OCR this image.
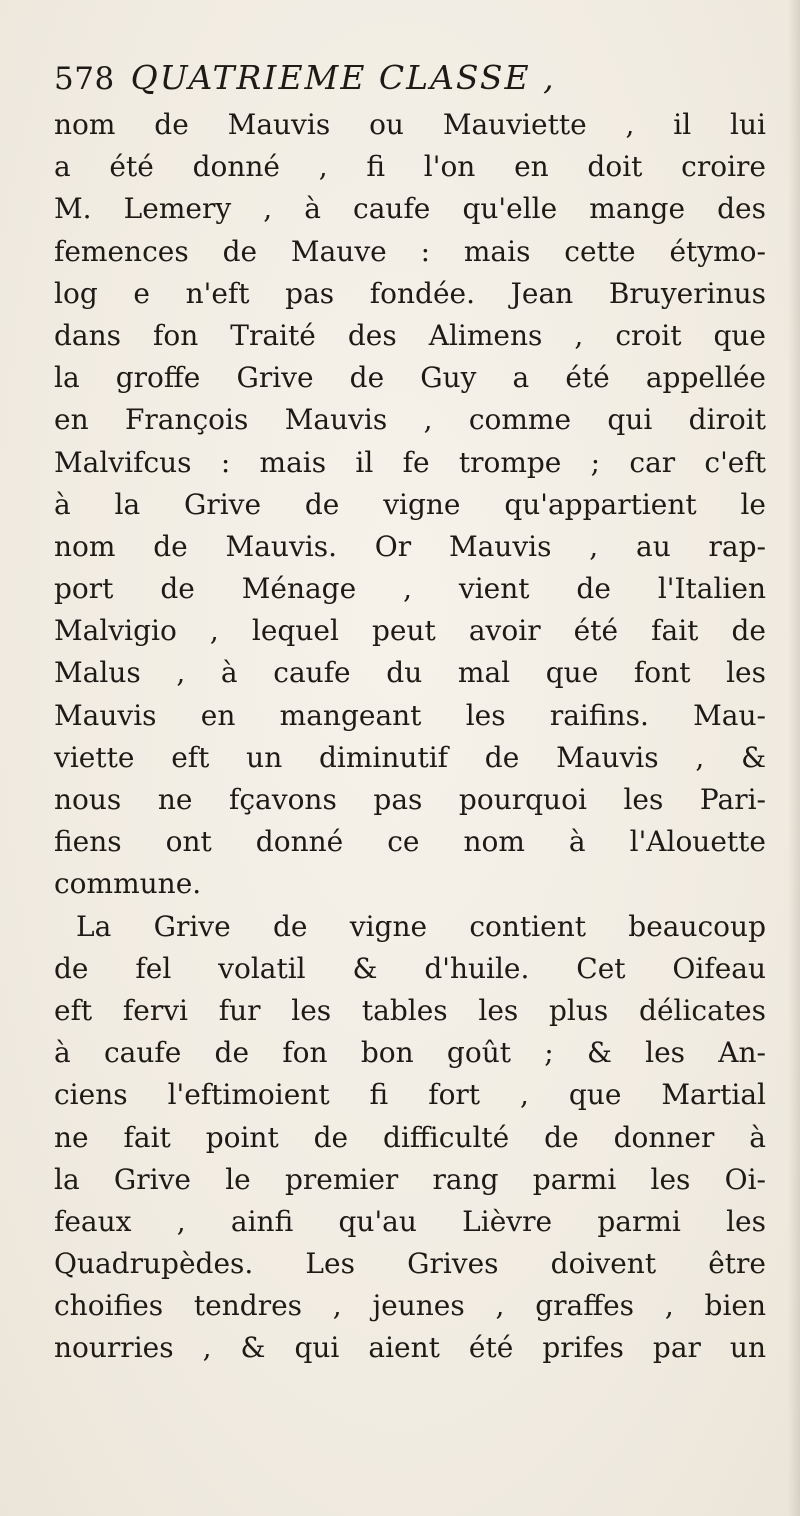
578 QUATRIEME CLASSE ,
nom de Mauvis ou Mauviette , il lui
a été donné , fi l'on en doit croire
M. Lemery , à caufe qu'elle mange des
femences de Mauve : mais cette étymo-
log e n'eft pas fondée. Jean Bruyerinus
dans fon Traité des Alimens , croit que
la groffe Grive de Guy a été appellée
en François Mauvis , comme qui diroit
Malvifcus : mais il fe trompe ; car c'eft
à la Grive de vigne qu'appartient le
nom de Mauvis. Or Mauvis , au rap-
port de Ménage , vient de l'Italien
Malvigio , lequel peut avoir été fait de
Malus , à caufe du mal que font les
Mauvis en mangeant les raifins. Mau-
viette eft un diminutif de Mauvis , &
nous ne fçavons pas pourquoi les Pari-
fiens ont donné ce nom à l'Alouette
commune.
La Grive de vigne contient beaucoup
de fel volatil & d'huile. Cet Oifeau
eft fervi fur les tables les plus délicates
à caufe de fon bon goût ; & les An-
ciens l'eftimoient fi fort , que Martial
ne fait point de difficulté de donner à
la Grive le premier rang parmi les Oi-
feaux , ainfi qu'au Lièvre parmi les
Quadrupèdes. Les Grives doivent être
choifies tendres , jeunes , graffes , bien
nourries , & qui aient été prifes par un
